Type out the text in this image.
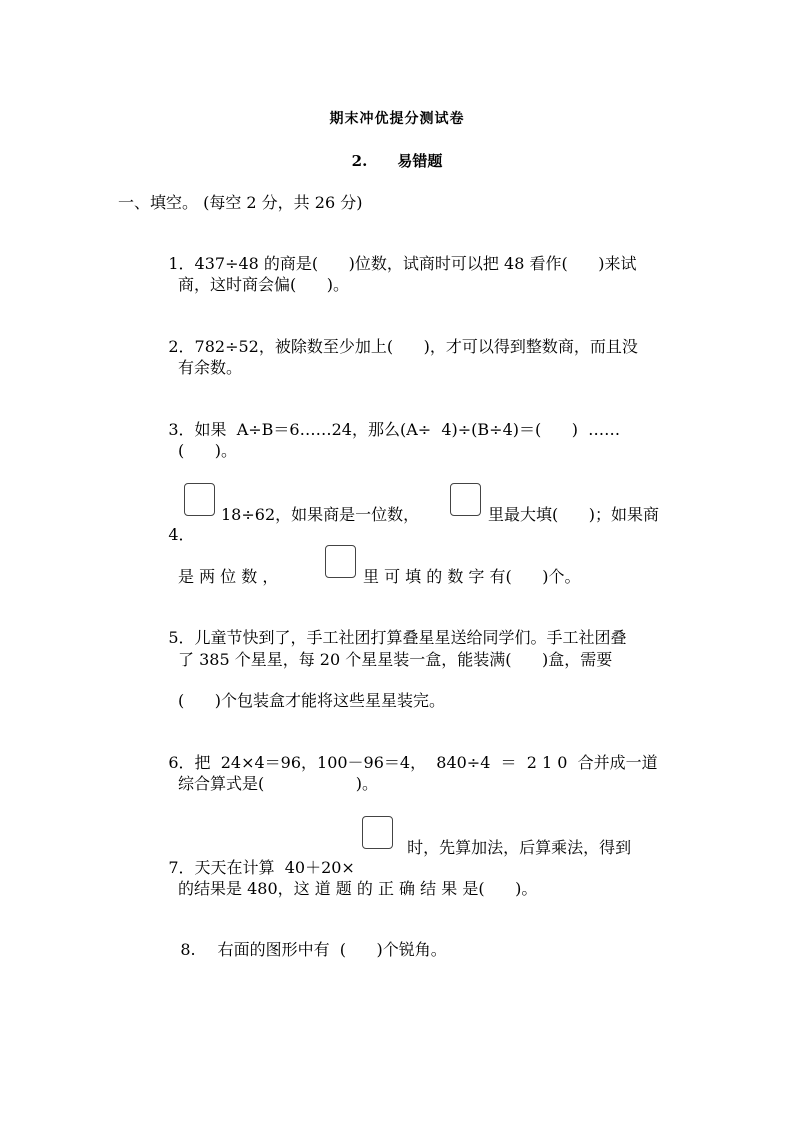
期末冲优提分测试卷
2. 易错题
一、填空。 (每空 2 分，共 26 分)

1．437÷48 的商是(      )位数，试商时可以把 48 看作(      )来试

商，这时商会偏(      )。

2．782÷52，被除数至少加上(      )，才可以得到整数商，而且没

有余数。

3．如果  A÷B＝6……24，那么(A÷  4)÷(B÷4)＝(      )  ……

(      )。

4．

18÷62，如果商是一位数，	里最大填(      )；如果商
是 两 位 数 ，	里 可 填 的 数 字 有(      )个。

5．儿童节快到了，手工社团打算叠星星送给同学们。手工社团叠

了 385 个星星，每 20 个星星装一盒，能装满(      )盒，需要
(      )个包装盒才能将这些星星装完。

6．把  24×4＝96，100－96＝4，  840÷4  ＝  2 1 0  合并成一道

综合算式是(                  )。

7．天天在计算  40＋20×

时，先算加法，后算乘法，得到
的结果是 480，这 道 题 的 正 确 结 果 是(      )。

8. 右面的图形中有  (      )个锐角。
